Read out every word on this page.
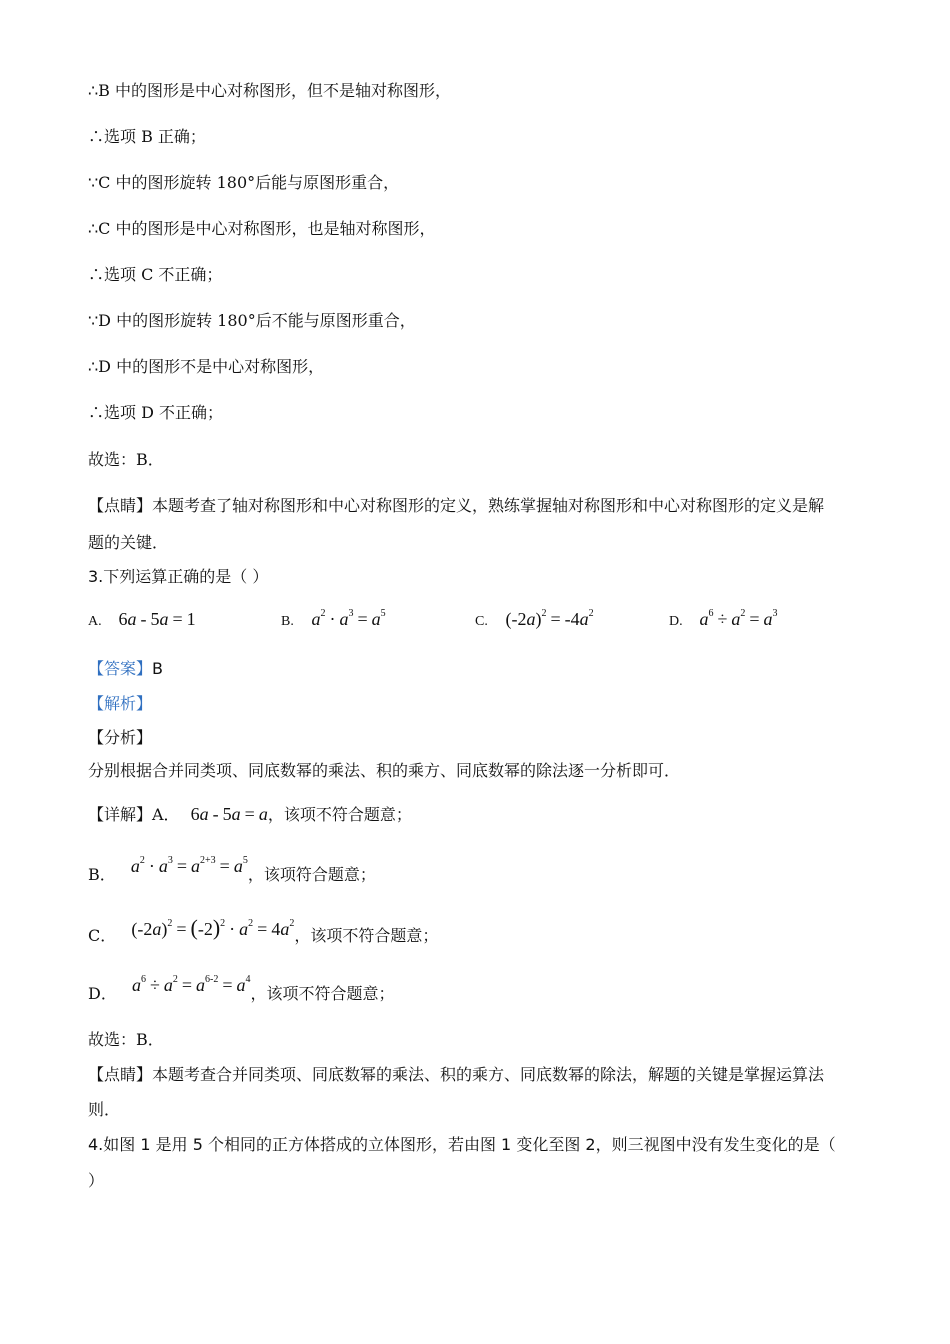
∴B 中的图形是中心对称图形，但不是轴对称图形，
∴选项 B 正确；
∵C 中的图形旋转 180°后能与原图形重合，
∴C 中的图形是中心对称图形，也是轴对称图形，
∴选项 C 不正确；
∵D 中的图形旋转 180°后不能与原图形重合，
∴D 中的图形不是中心对称图形，
∴选项 D 不正确；
故选：B．
【点睛】本题考查了轴对称图形和中心对称图形的定义，熟练掌握轴对称图形和中心对称图形的定义是解
题的关键．
3.下列运算正确的是（ ）
A. 6a - 5a = 1	B. $a^2 \cdot a^3 = a^5$
C. $(-2a)^2 = -4a^2$
D. $a^6 \div a^2 = a^3$
【答案】B
【解析】
【分析】
分别根据合并同类项、同底数幂的乘法、积的乘方、同底数幂的除法逐一分析即可．
【详解】A． 6a - 5a = a，该项不符合题意；
B． $a^2 \cdot a^3 = a^{2+3} = a^5$，该项符合题意；
C． $(-2a)^2 = (-2)^2 \cdot a^2 = 4a^2$，该项不符合题意；
D． $a^6 \div a^2 = a^{6-2} = a^4$，该项不符合题意；
故选：B．
【点睛】本题考查合并同类项、同底数幂的乘法、积的乘方、同底数幂的除法，解题的关键是掌握运算法
则．
4.如图 1 是用 5 个相同的正方体搭成的立体图形，若由图 1 变化至图 2，则三视图中没有发生变化的是（
）
